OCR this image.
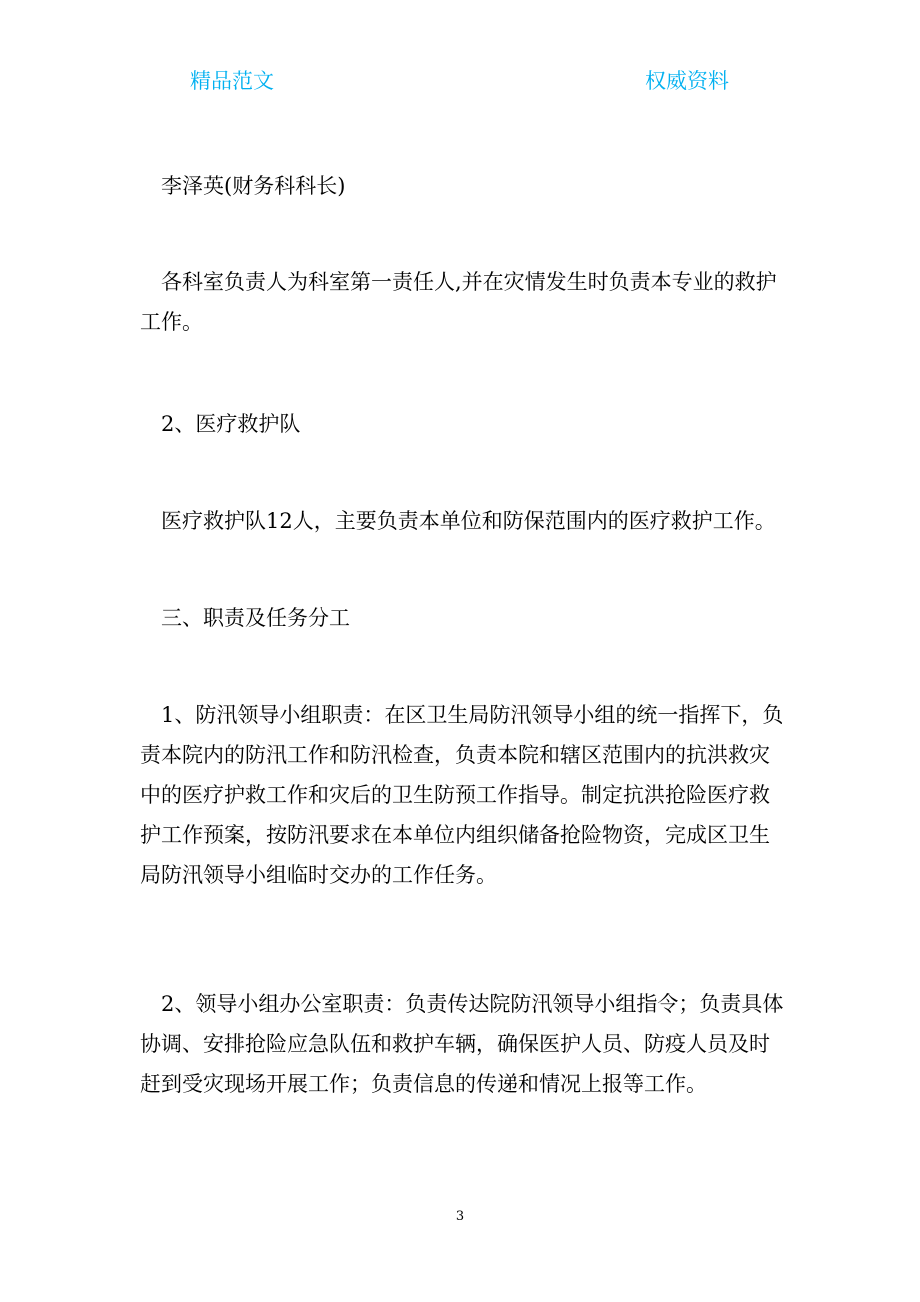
精品范文	权威资料

李泽英(财务科科长)

各科室负责人为科室第一责任人,并在灾情发生时负责本专业的救护工作。

2、医疗救护队

医疗救护队12人，主要负责本单位和防保范围内的医疗救护工作。

三、职责及任务分工

1、防汛领导小组职责：在区卫生局防汛领导小组的统一指挥下，负责本院内的防汛工作和防汛检查，负责本院和辖区范围内的抗洪救灾中的医疗护救工作和灾后的卫生防预工作指导。制定抗洪抢险医疗救护工作预案，按防汛要求在本单位内组织储备抢险物资，完成区卫生局防汛领导小组临时交办的工作任务。

2、领导小组办公室职责：负责传达院防汛领导小组指令；负责具体协调、安排抢险应急队伍和救护车辆，确保医护人员、防疫人员及时赶到受灾现场开展工作；负责信息的传递和情况上报等工作。

3
